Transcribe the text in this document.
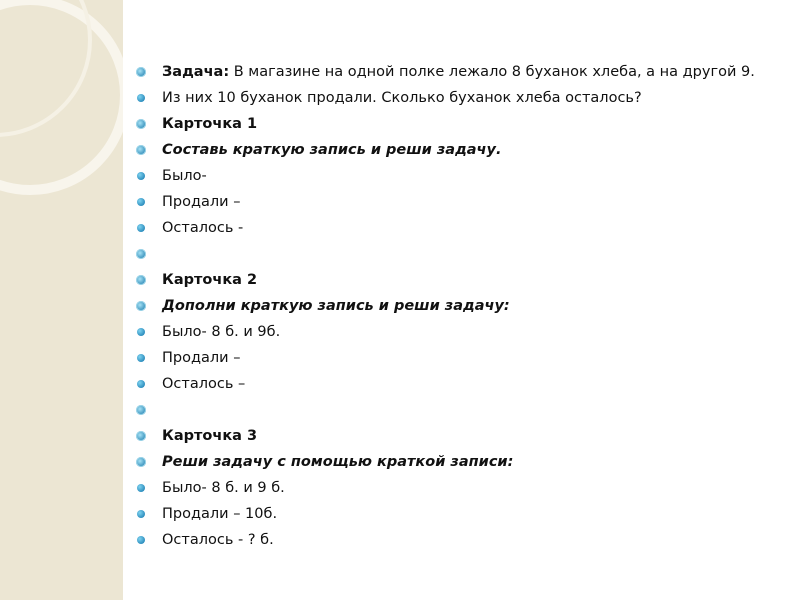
Задача: В магазине на одной полке лежало 8 буханок хлеба, а на другой 9.
Из них 10 буханок продали. Сколько буханок хлеба осталось?
Карточка 1
Составь краткую запись и реши задачу.
Было-
Продали –
Осталось -
Карточка 2
Дополни краткую запись и реши задачу:
Было- 8 б. и 9б.
Продали –
Осталось –
Карточка 3
Реши задачу с помощью краткой записи:
Было- 8 б. и 9 б.
Продали – 10б.
Осталось - ? б.
